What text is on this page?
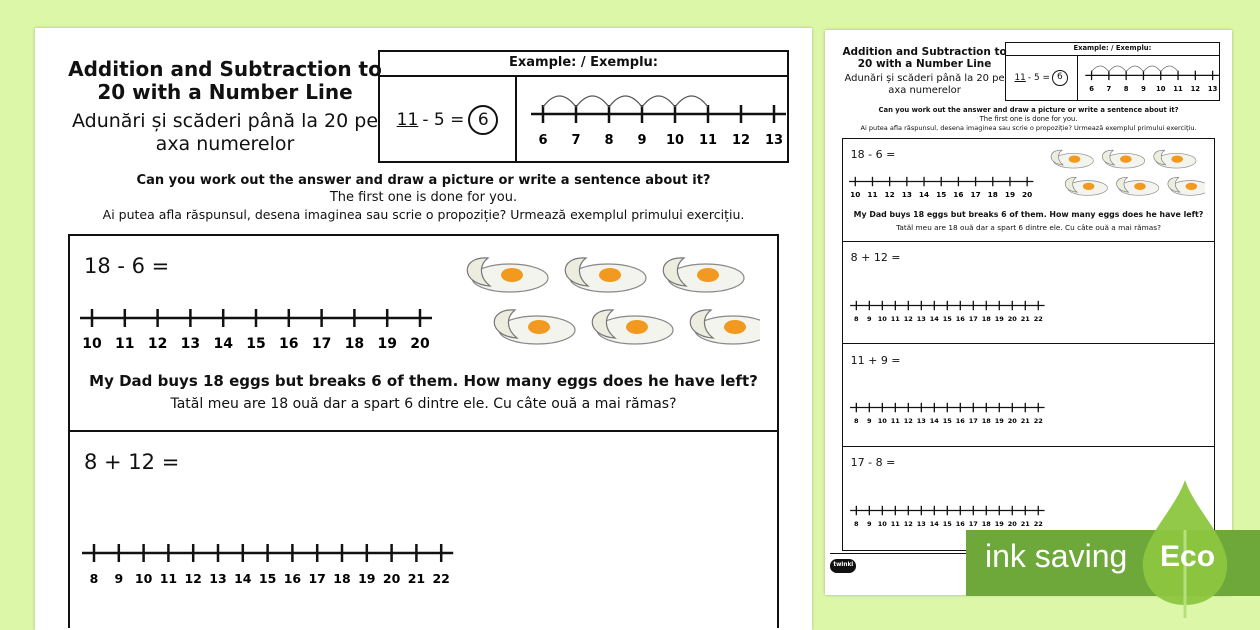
Addition and Subtraction to 20 with a Number Line
Adunări și scăderi până la 20 pe axa numerelor
Example: / Exemplu:
11 - 5 = 6
6 7 8 9 10 11 12 13
Can you work out the answer and draw a picture or write a sentence about it?
The first one is done for you.
Ai putea afla răspunsul, desena imaginea sau scrie o propoziție? Urmează exemplul primului exercițiu.
18 - 6 =
10 11 12 13 14 15 16 17 18 19 20
My Dad buys 18 eggs but breaks 6 of them. How many eggs does he have left?
Tatăl meu are 18 ouă dar a spart 6 dintre ele. Cu câte ouă a mai rămas?
8 + 12 =
8 9 10 11 12 13 14 15 16 17 18 19 20 21 22
Addition and Subtraction to 20 with a Number Line
Adunări și scăderi până la 20 pe axa numerelor
Example: / Exemplu:
11 - 5 = 6
6 7 8 9 10 11 12 13
Can you work out the answer and draw a picture or write a sentence about it?
The first one is done for you.
Ai putea afla răspunsul, desena imaginea sau scrie o propoziție? Urmează exemplul primului exercițiu.
18 - 6 =
10 11 12 13 14 15 16 17 18 19 20
My Dad buys 18 eggs but breaks 6 of them. How many eggs does he have left?
Tatăl meu are 18 ouă dar a spart 6 dintre ele. Cu câte ouă a mai rămas?
8 + 12 =
8 9 10 11 12 13 14 15 16 17 18 19 20 21 22
11 + 9 =
8 9 10 11 12 13 14 15 16 17 18 19 20 21 22
17 - 8 =
8 9 10 11 12 13 14 15 16 17 18 19 20 21 22
twinkl	ink saving Eco
